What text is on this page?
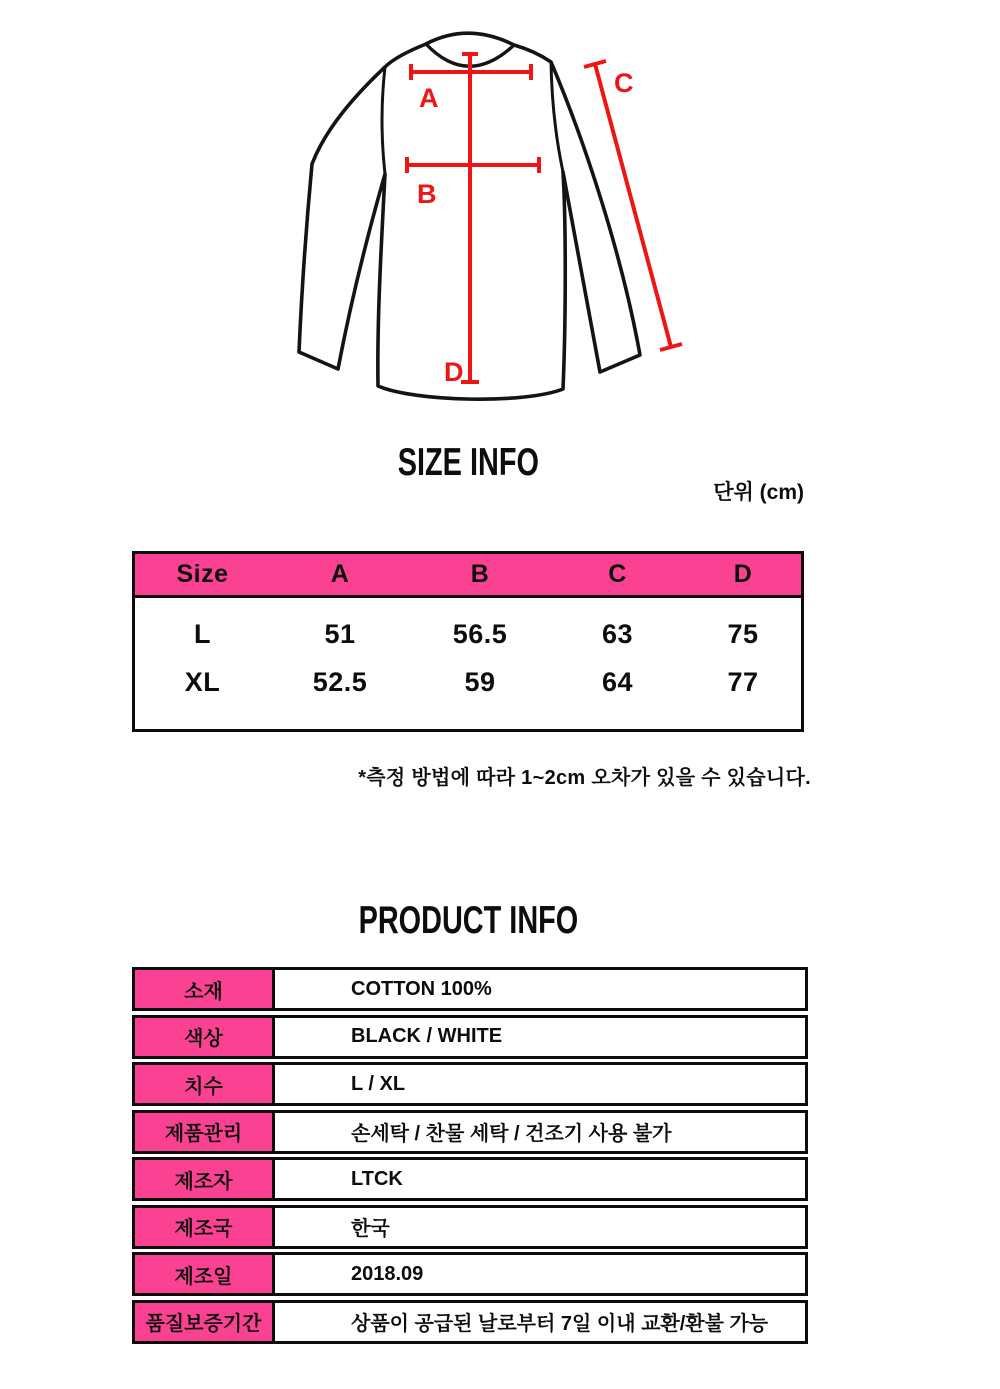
A
B
C
D
SIZE INFO
단위 (cm)
Size	A	B	C	D
L	51	56.5	63	75
XL	52.5	59	64	77
*측정 방법에 따라 1~2cm 오차가 있을 수 있습니다.
PRODUCT INFO
소재	COTTON 100%
색상	BLACK / WHITE
치수	L / XL
제품관리	손세탁 / 찬물 세탁 / 건조기 사용 불가
제조자	LTCK
제조국	한국
제조일	2018.09
품질보증기간	상품이 공급된 날로부터 7일 이내 교환/환불 가능
